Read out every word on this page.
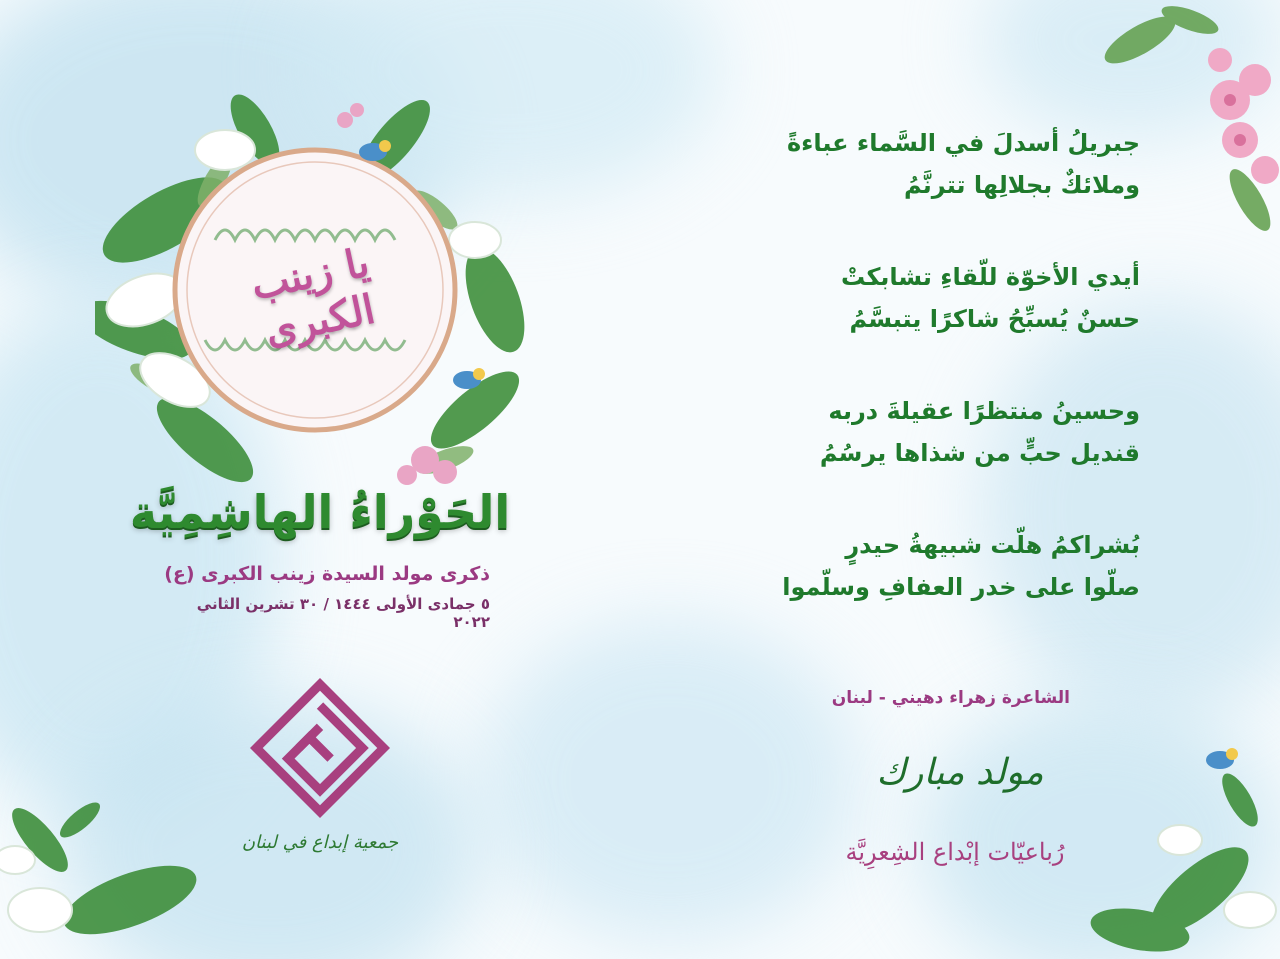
يا زينب الكبرى
الحَوْراءُ الهاشِمِيَّة
ذكرى مولد السيدة زينب الكبرى (ع)
٥ جمادى الأولى ١٤٤٤ / ٣٠ تشرين الثاني ٢٠٢٢
جمعية إبداع في لبنان
جبريلُ أسدلَ في السَّماء عباءةً
وملائكٌ بجلالِها تترنَّمُ
أيدي الأخوّة للّقاءِ تشابكتْ
حسنٌ يُسبِّحُ شاكرًا يتبسَّمُ
وحسينُ منتظرًا عقيلةَ دربه
قنديل حبٍّ من شذاها يرسُمُ
بُشراكمُ هلّت شبيهةُ حيدرٍ
صلّوا على خدر العفافِ وسلّموا
الشاعرة زهراء دهيني - لبنان
مولد مبارك
رُباعيّات إبْداع الشِعرِيَّة
